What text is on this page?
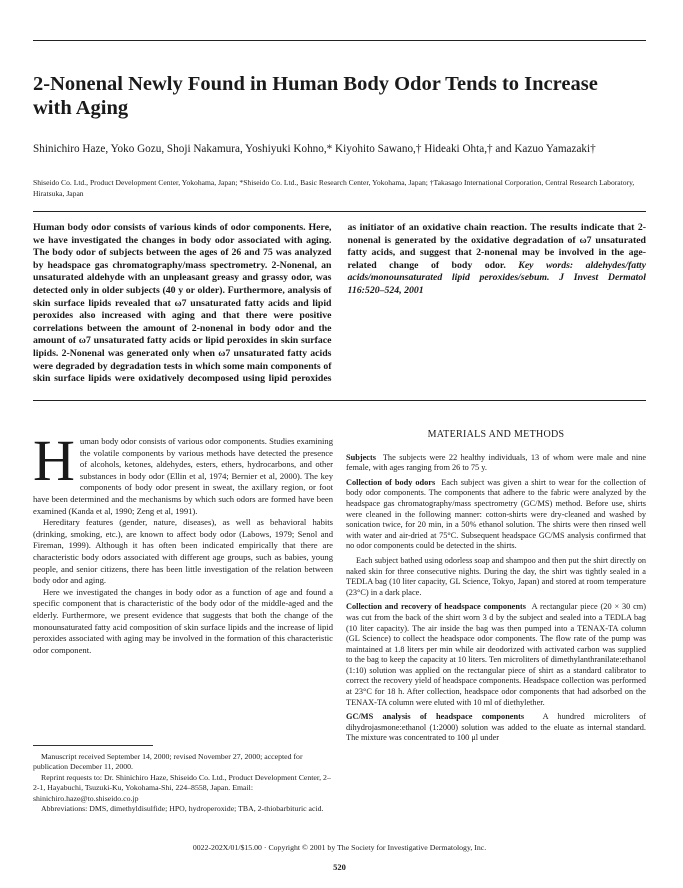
2-Nonenal Newly Found in Human Body Odor Tends to Increase with Aging
Shinichiro Haze, Yoko Gozu, Shoji Nakamura, Yoshiyuki Kohno,* Kiyohito Sawano,† Hideaki Ohta,† and Kazuo Yamazaki†
Shiseido Co. Ltd., Product Development Center, Yokohama, Japan; *Shiseido Co. Ltd., Basic Research Center, Yokohama, Japan; †Takasago International Corporation, Central Research Laboratory, Hiratsuka, Japan
Human body odor consists of various kinds of odor components. Here, we have investigated the changes in body odor associated with aging. The body odor of subjects between the ages of 26 and 75 was analyzed by headspace gas chromatography/mass spectrometry. 2-Nonenal, an unsaturated aldehyde with an unpleasant greasy and grassy odor, was detected only in older subjects (40 y or older). Furthermore, analysis of skin surface lipids revealed that ω7 unsaturated fatty acids and lipid peroxides also increased with aging and that there were positive correlations between the amount of 2-nonenal in body odor and the amount of ω7 unsaturated fatty acids or lipid peroxides in skin surface lipids. 2-Nonenal was generated only when ω7 unsaturated fatty acids were degraded by degradation tests in which some main components of skin surface lipids were oxidatively decomposed using lipid peroxides as initiator of an oxidative chain reaction. The results indicate that 2-nonenal is generated by the oxidative degradation of ω7 unsaturated fatty acids, and suggest that 2-nonenal may be involved in the age-related change of body odor. Key words: aldehydes/fatty acids/monounsaturated lipid peroxides/sebum. J Invest Dermatol 116:520–524, 2001

Human body odor consists of various odor components. Studies examining the volatile components by various methods have detected the presence of alcohols, ketones, aldehydes, esters, ethers, hydrocarbons, and other substances in body odor (Ellin et al, 1974; Bernier et al, 2000). The key components of body odor present in sweat, the axillary region, or foot have been determined and the mechanisms by which such odors are formed have been examined (Kanda et al, 1990; Zeng et al, 1991).

Hereditary features (gender, nature, diseases), as well as behavioral habits (drinking, smoking, etc.), are known to affect body odor (Labows, 1979; Senol and Fireman, 1999). Although it has often been indicated empirically that there are characteristic body odors associated with different age groups, such as babies, young people, and senior citizens, there has been little investigation of the relation between body odor and aging.

Here we investigated the changes in body odor as a function of age and found a specific component that is characteristic of the body odor of the middle-aged and the elderly. Furthermore, we present evidence that suggests that both the change of the monounsaturated fatty acid composition of skin surface lipids and the increase of lipid peroxides associated with aging may be involved in the formation of this characteristic odor component.

Manuscript received September 14, 2000; revised November 27, 2000; accepted for publication December 11, 2000.

Reprint requests to: Dr. Shinichiro Haze, Shiseido Co. Ltd., Product Development Center, 2–2-1, Hayabuchi, Tsuzuki-Ku, Yokohama-Shi, 224–8558, Japan. Email: shinichiro.haze@to.shiseido.co.jp

Abbreviations: DMS, dimethyldisulfide; HPO, hydroperoxide; TBA, 2-thiobarbituric acid.

MATERIALS AND METHODS

Subjects The subjects were 22 healthy individuals, 13 of whom were male and nine female, with ages ranging from 26 to 75 y.

Collection of body odors Each subject was given a shirt to wear for the collection of body odor components. The components that adhere to the fabric were analyzed by the headspace gas chromatography/mass spectrometry (GC/MS) method. Before use, shirts were cleaned in the following manner: cotton-shirts were dry-cleaned and washed by sonication twice, for 20 min, in a 50% ethanol solution. The shirts were then rinsed well with water and air-dried at 75°C. Subsequent headspace GC/MS analysis confirmed that no odor components could be detected in the shirts.

Each subject bathed using odorless soap and shampoo and then put the shirt directly on naked skin for three consecutive nights. During the day, the shirt was tightly sealed in a TEDLA bag (10 liter capacity, GL Science, Tokyo, Japan) and stored at room temperature (23°C) in a dark place.

Collection and recovery of headspace components A rectangular piece (20 × 30 cm) was cut from the back of the shirt worn 3 d by the subject and sealed into a TEDLA bag (10 liter capacity). The air inside the bag was then pumped into a TENAX-TA column (GL Science) to collect the headspace odor components. The flow rate of the pump was maintained at 1.8 liters per min while air deodorized with activated carbon was supplied to the bag to keep the capacity at 10 liters. Ten microliters of dimethylanthranilate:ethanol (1:10) solution was applied on the rectangular piece of shirt as a standard calibrator to correct the recovery yield of headspace components. Headspace collection was performed at 23°C for 18 h. After collection, headspace odor components that had adsorbed on the TENAX-TA column were eluted with 10 ml of diethylether.

GC/MS analysis of headspace components A hundred microliters of dihydrojasmone:ethanol (1:2000) solution was added to the eluate as internal standard. The mixture was concentrated to 100 μl under

0022-202X/01/$15.00 · Copyright © 2001 by The Society for Investigative Dermatology, Inc.
520
